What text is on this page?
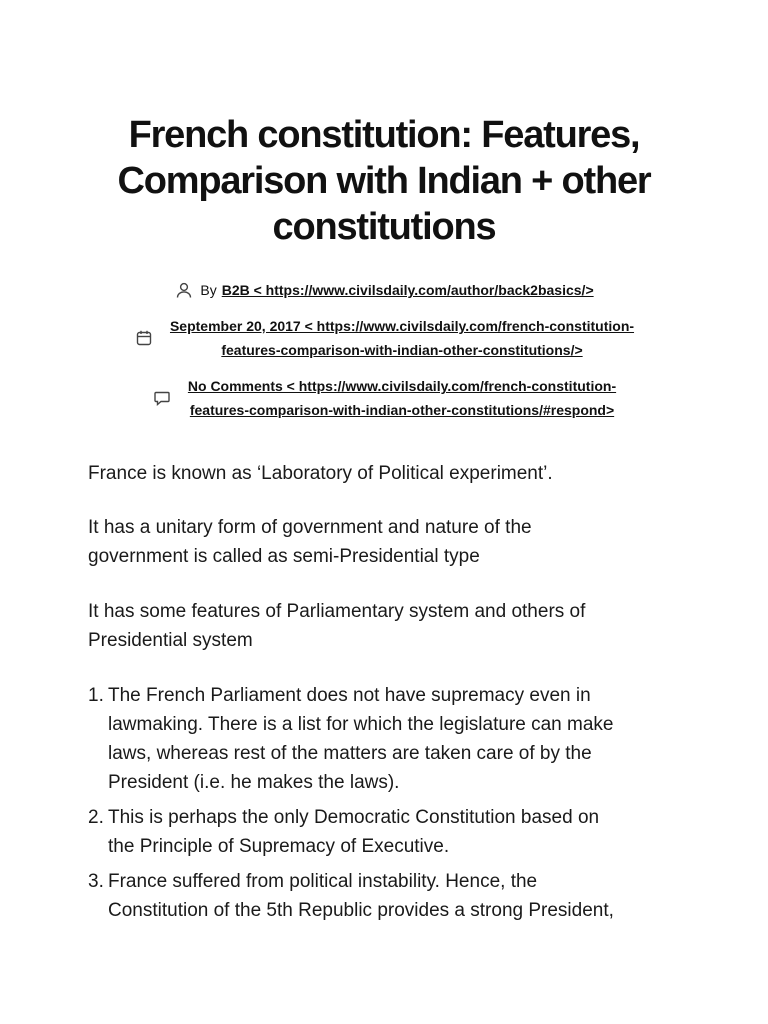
French constitution: Features,
Comparison with Indian + other
constitutions
By B2B < https://www.civilsdaily.com/author/back2basics/>
September 20, 2017 < https://www.civilsdaily.com/french-constitution-
features-comparison-with-indian-other-constitutions/>
No Comments < https://www.civilsdaily.com/french-constitution-
features-comparison-with-indian-other-constitutions/#respond>

France is known as ‘Laboratory of Political experiment’.

It has a unitary form of government and nature of the
government is called as semi-Presidential type

It has some features of Parliamentary system and others of
Presidential system

1. The French Parliament does not have supremacy even in
lawmaking. There is a list for which the legislature can make
laws, whereas rest of the matters are taken care of by the
President (i.e. he makes the laws).
2. This is perhaps the only Democratic Constitution based on
the Principle of Supremacy of Executive.
3. France suffered from political instability. Hence, the
Constitution of the 5th Republic provides a strong President,
